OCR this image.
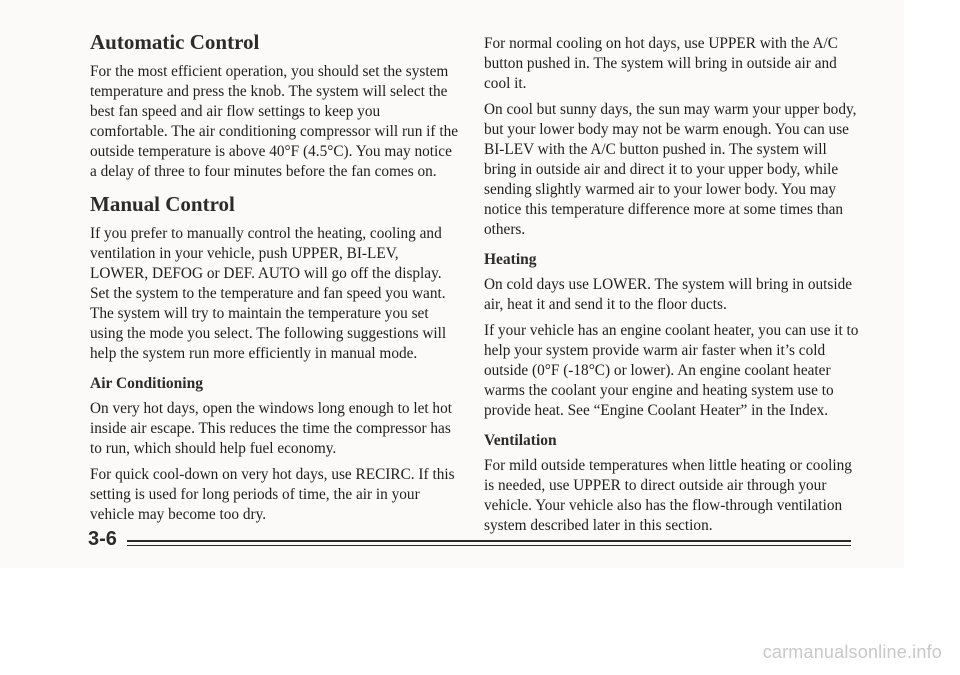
Automatic Control

For the most efficient operation, you should set the system temperature and press the knob. The system will select the best fan speed and air flow settings to keep you comfortable. The air conditioning compressor will run if the outside temperature is above 40°F (4.5°C). You may notice a delay of three to four minutes before the fan comes on.

Manual Control

If you prefer to manually control the heating, cooling and ventilation in your vehicle, push UPPER, BI-LEV, LOWER, DEFOG or DEF. AUTO will go off the display. Set the system to the temperature and fan speed you want. The system will try to maintain the temperature you set using the mode you select. The following suggestions will help the system run more efficiently in manual mode.

Air Conditioning

On very hot days, open the windows long enough to let hot inside air escape. This reduces the time the compressor has to run, which should help fuel economy.

For quick cool-down on very hot days, use RECIRC. If this setting is used for long periods of time, the air in your vehicle may become too dry.

For normal cooling on hot days, use UPPER with the A/C button pushed in. The system will bring in outside air and cool it.

On cool but sunny days, the sun may warm your upper body, but your lower body may not be warm enough. You can use BI-LEV with the A/C button pushed in. The system will bring in outside air and direct it to your upper body, while sending slightly warmed air to your lower body. You may notice this temperature difference more at some times than others.

Heating

On cold days use LOWER. The system will bring in outside air, heat it and send it to the floor ducts.

If your vehicle has an engine coolant heater, you can use it to help your system provide warm air faster when it’s cold outside (0°F (-18°C) or lower). An engine coolant heater warms the coolant your engine and heating system use to provide heat. See “Engine Coolant Heater” in the Index.

Ventilation

For mild outside temperatures when little heating or cooling is needed, use UPPER to direct outside air through your vehicle. Your vehicle also has the flow-through ventilation system described later in this section.

3-6
carmanualsonline.info
